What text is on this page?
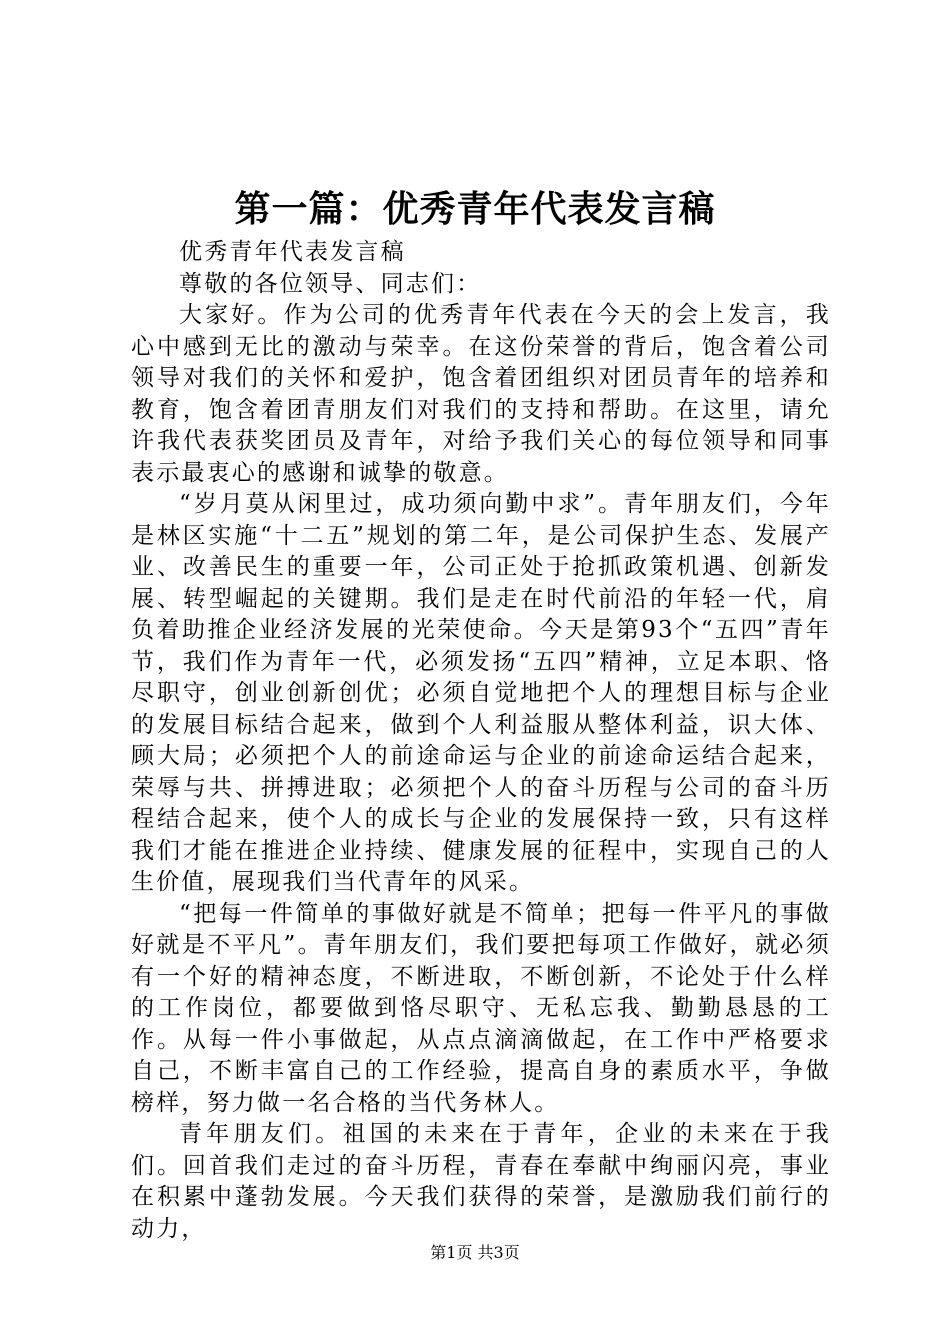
第一篇：优秀青年代表发言稿

优秀青年代表发言稿

尊敬的各位领导、同志们：

大家好。作为公司的优秀青年代表在今天的会上发言，我心中感到无比的激动与荣幸。在这份荣誉的背后，饱含着公司领导对我们的关怀和爱护，饱含着团组织对团员青年的培养和教育，饱含着团青朋友们对我们的支持和帮助。在这里，请允许我代表获奖团员及青年，对给予我们关心的每位领导和同事表示最衷心的感谢和诚挚的敬意。

“岁月莫从闲里过，成功须向勤中求”。青年朋友们，今年是林区实施“十二五”规划的第二年，是公司保护生态、发展产业、改善民生的重要一年，公司正处于抢抓政策机遇、创新发展、转型崛起的关键期。我们是走在时代前沿的年轻一代，肩负着助推企业经济发展的光荣使命。今天是第93个“五四”青年节，我们作为青年一代，必须发扬“五四”精神，立足本职、恪尽职守，创业创新创优；必须自觉地把个人的理想目标与企业的发展目标结合起来，做到个人利益服从整体利益，识大体、顾大局；必须把个人的前途命运与企业的前途命运结合起来，荣辱与共、拼搏进取；必须把个人的奋斗历程与公司的奋斗历程结合起来，使个人的成长与企业的发展保持一致，只有这样我们才能在推进企业持续、健康发展的征程中，实现自己的人生价值，展现我们当代青年的风采。

“把每一件简单的事做好就是不简单；把每一件平凡的事做好就是不平凡”。青年朋友们，我们要把每项工作做好，就必须有一个好的精神态度，不断进取，不断创新，不论处于什么样的工作岗位，都要做到恪尽职守、无私忘我、勤勤恳恳的工作。从每一件小事做起，从点点滴滴做起，在工作中严格要求自己，不断丰富自己的工作经验，提高自身的素质水平，争做榜样，努力做一名合格的当代务林人。

青年朋友们。祖国的未来在于青年，企业的未来在于我们。回首我们走过的奋斗历程，青春在奉献中绚丽闪亮，事业在积累中蓬勃发展。今天我们获得的荣誉，是激励我们前行的动力，

第1页 共3页
